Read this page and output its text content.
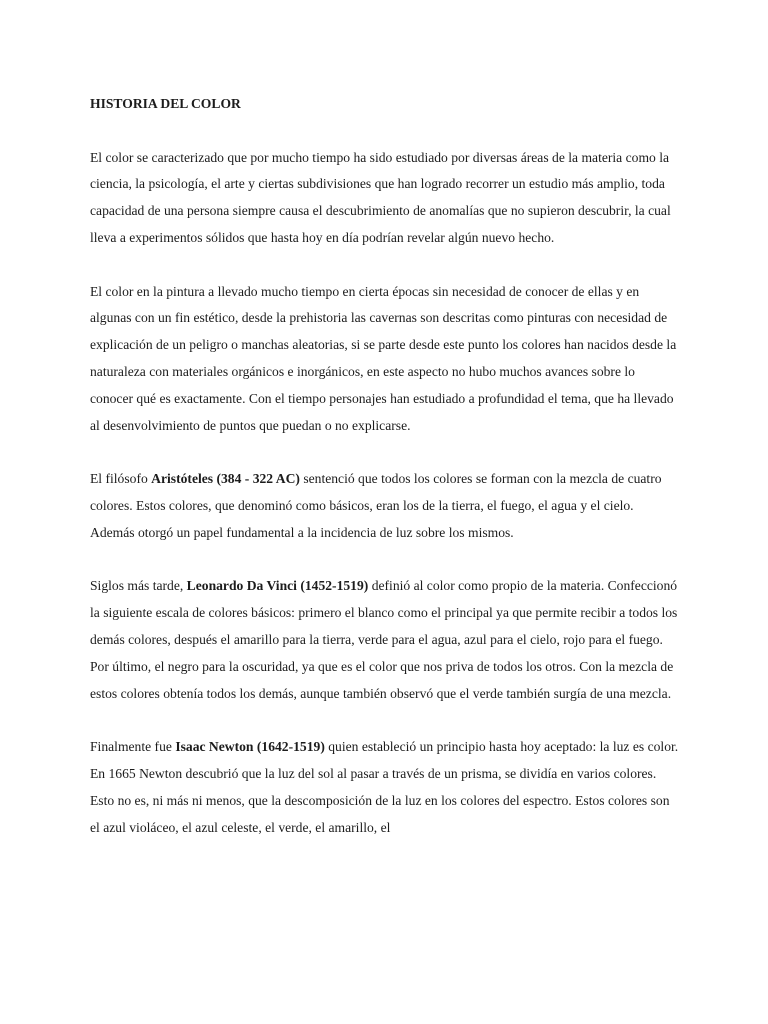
HISTORIA DEL COLOR
El color se caracterizado que por mucho tiempo ha sido estudiado por diversas áreas de la materia como la ciencia, la psicología, el arte y ciertas subdivisiones que han logrado recorrer un estudio más amplio, toda capacidad de una persona siempre causa el descubrimiento de anomalías que no supieron descubrir, la cual lleva a experimentos sólidos que hasta hoy en día podrían revelar algún nuevo hecho.
El color en la pintura a llevado mucho tiempo en cierta épocas sin necesidad de conocer de ellas y en algunas con un fin estético, desde la prehistoria las cavernas son descritas como pinturas con necesidad de explicación de un peligro o manchas aleatorias, si se parte desde este punto los colores han nacidos desde la naturaleza con materiales orgánicos e inorgánicos, en este aspecto no hubo muchos avances sobre lo conocer qué es exactamente. Con el tiempo personajes han estudiado a profundidad el tema, que ha llevado al desenvolvimiento de puntos que puedan o no explicarse.
El filósofo Aristóteles (384 - 322 AC) sentenció que todos los colores se forman con la mezcla de cuatro colores. Estos colores, que denominó como básicos, eran los de la tierra, el fuego, el agua y el cielo. Además otorgó un papel fundamental a la incidencia de luz sobre los mismos.
Siglos más tarde, Leonardo Da Vinci (1452-1519) definió al color como propio de la materia. Confeccionó la siguiente escala de colores básicos: primero el blanco como el principal ya que permite recibir a todos los demás colores, después el amarillo para la tierra, verde para el agua, azul para el cielo, rojo para el fuego. Por último, el negro para la oscuridad, ya que es el color que nos priva de todos los otros. Con la mezcla de estos colores obtenía todos los demás, aunque también observó que el verde también surgía de una mezcla.
Finalmente fue Isaac Newton (1642-1519) quien estableció un principio hasta hoy aceptado: la luz es color. En 1665 Newton descubrió que la luz del sol al pasar a través de un prisma, se dividía en varios colores. Esto no es, ni más ni menos, que la descomposición de la luz en los colores del espectro. Estos colores son el azul violáceo, el azul celeste, el verde, el amarillo, el
